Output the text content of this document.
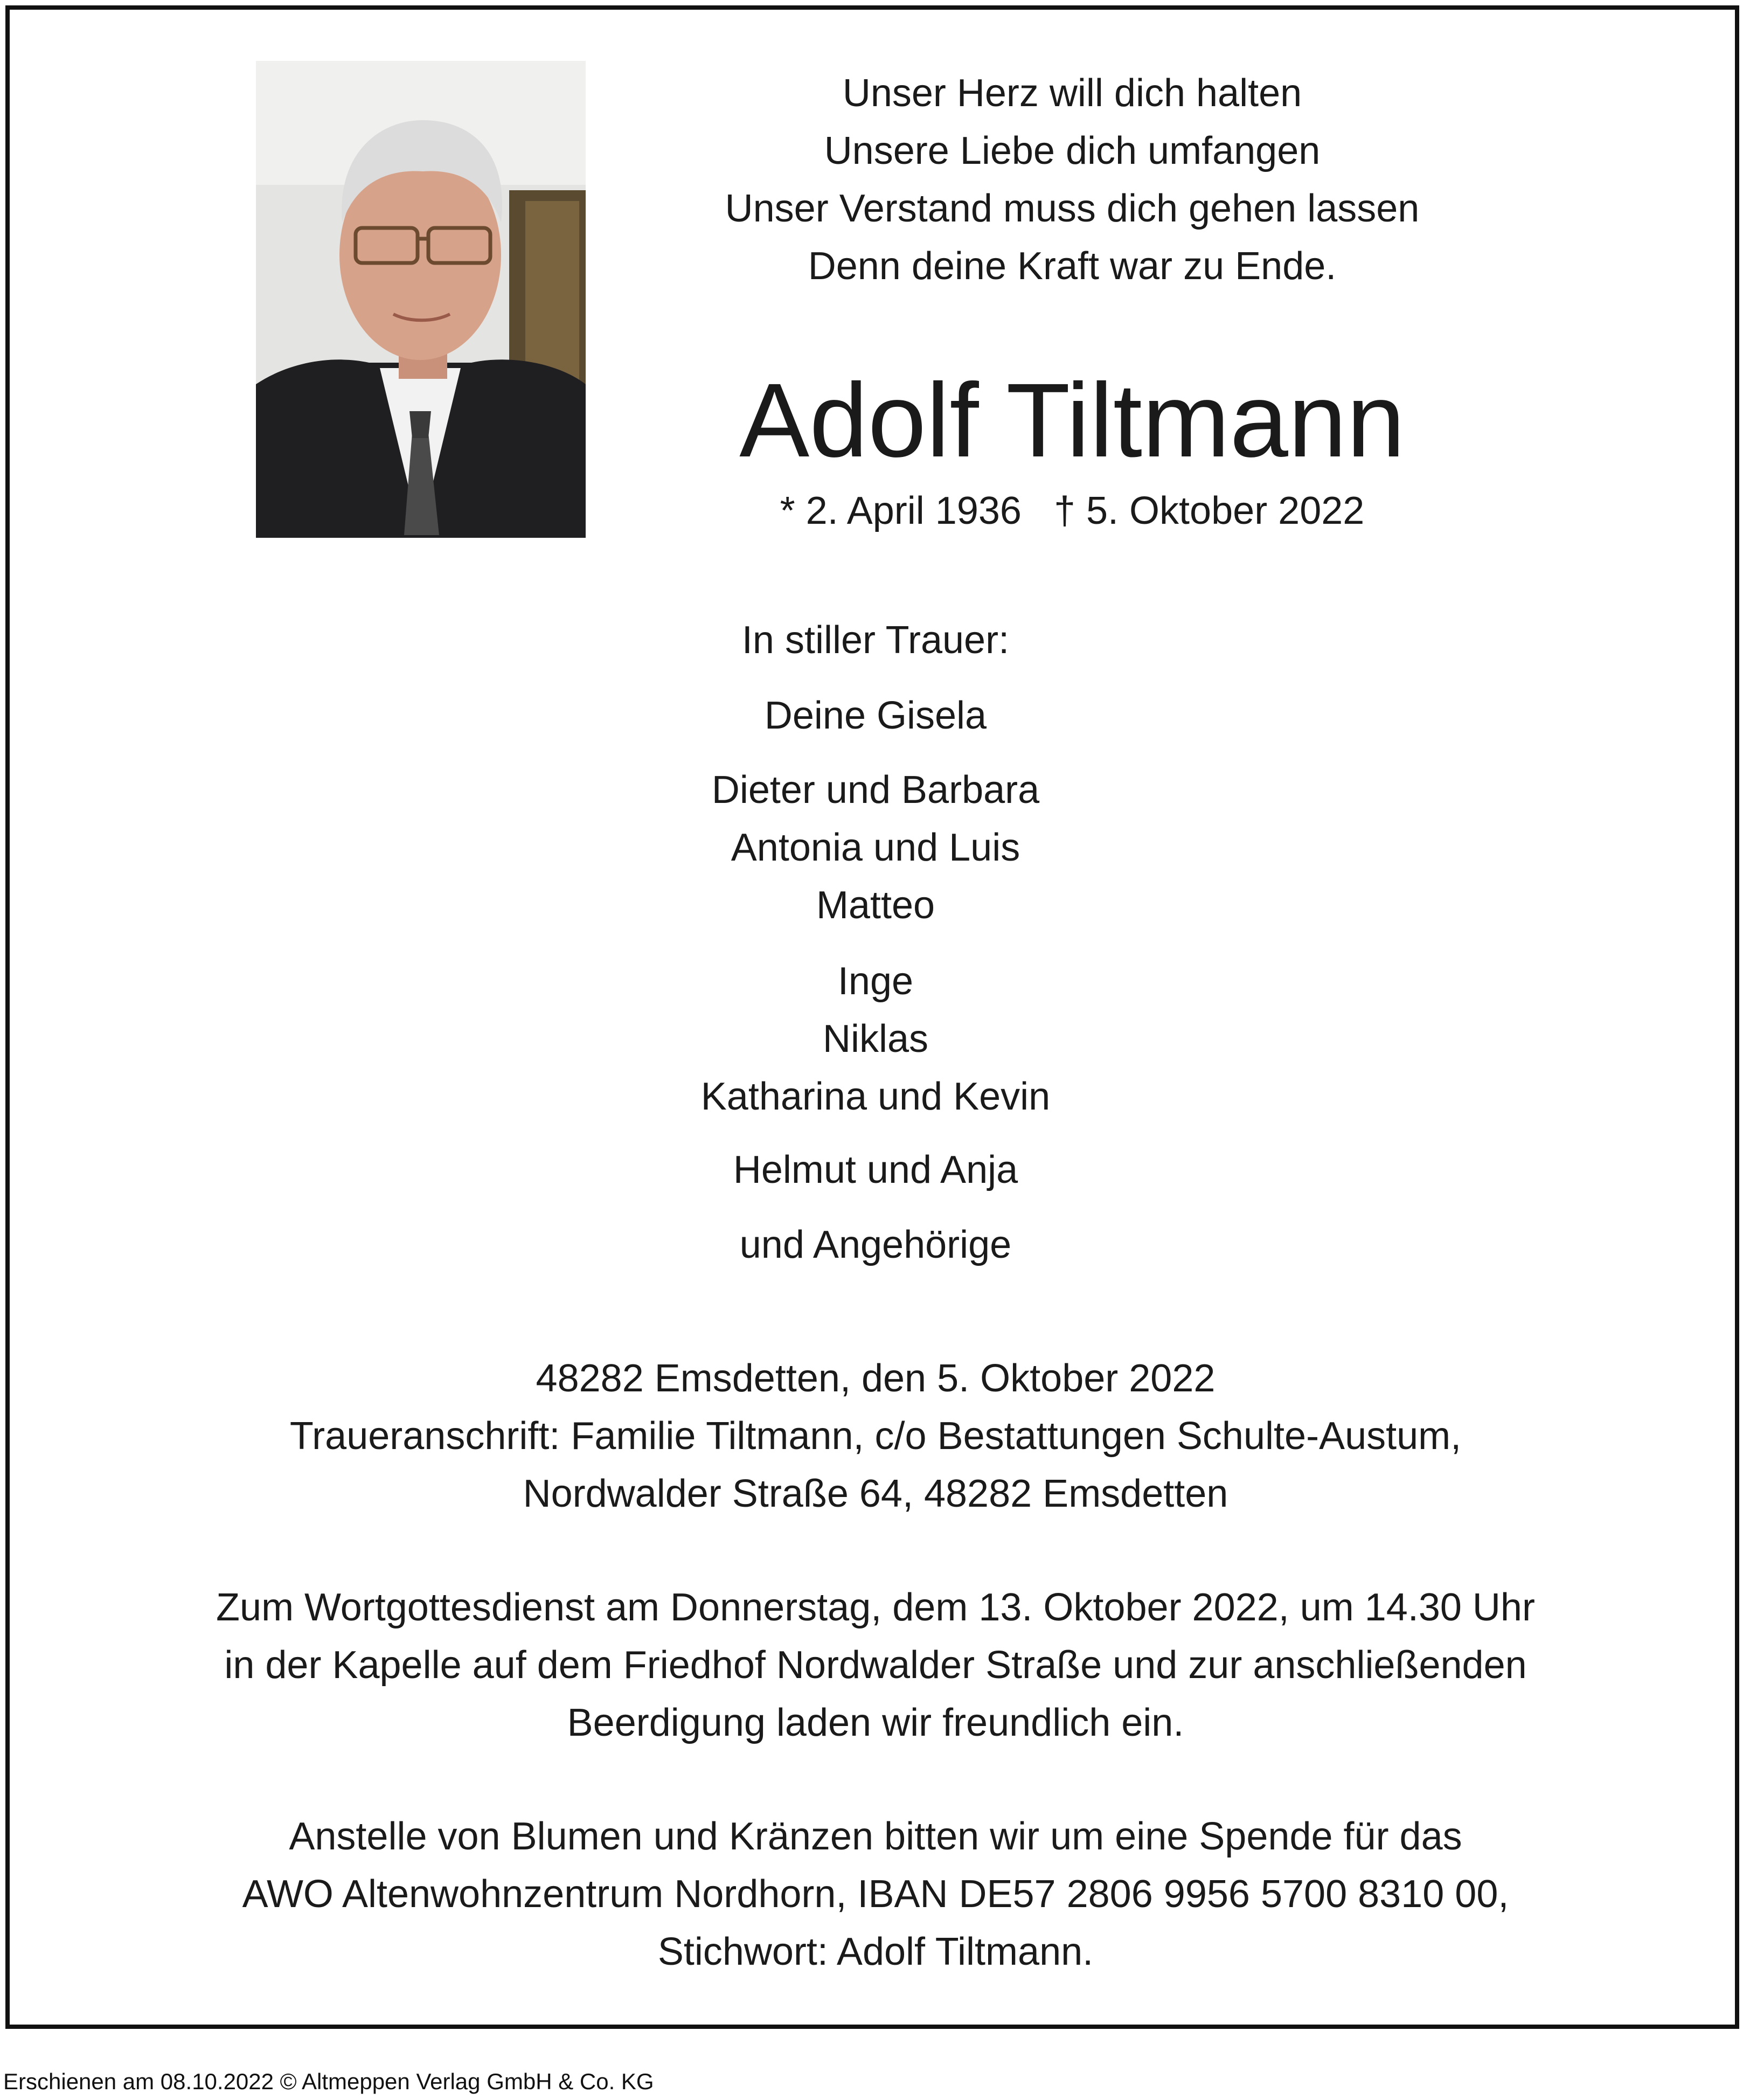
Unser Herz will dich halten
Unsere Liebe dich umfangen
Unser Verstand muss dich gehen lassen
Denn deine Kraft war zu Ende.
Adolf Tiltmann
* 2. April 1936 † 5. Oktober 2022
In stiller Trauer:
Deine Gisela
Dieter und Barbara
Antonia und Luis
Matteo
Inge
Niklas
Katharina und Kevin
Helmut und Anja
und Angehörige
48282 Emsdetten, den 5. Oktober 2022
Traueranschrift: Familie Tiltmann, c/o Bestattungen Schulte-Austum,
Nordwalder Straße 64, 48282 Emsdetten
Zum Wortgottesdienst am Donnerstag, dem 13. Oktober 2022, um 14.30 Uhr
in der Kapelle auf dem Friedhof Nordwalder Straße und zur anschließenden
Beerdigung laden wir freundlich ein.
Anstelle von Blumen und Kränzen bitten wir um eine Spende für das
AWO Altenwohnzentrum Nordhorn, IBAN DE57 2806 9956 5700 8310 00,
Stichwort: Adolf Tiltmann.
Erschienen am 08.10.2022 © Altmeppen Verlag GmbH & Co. KG
